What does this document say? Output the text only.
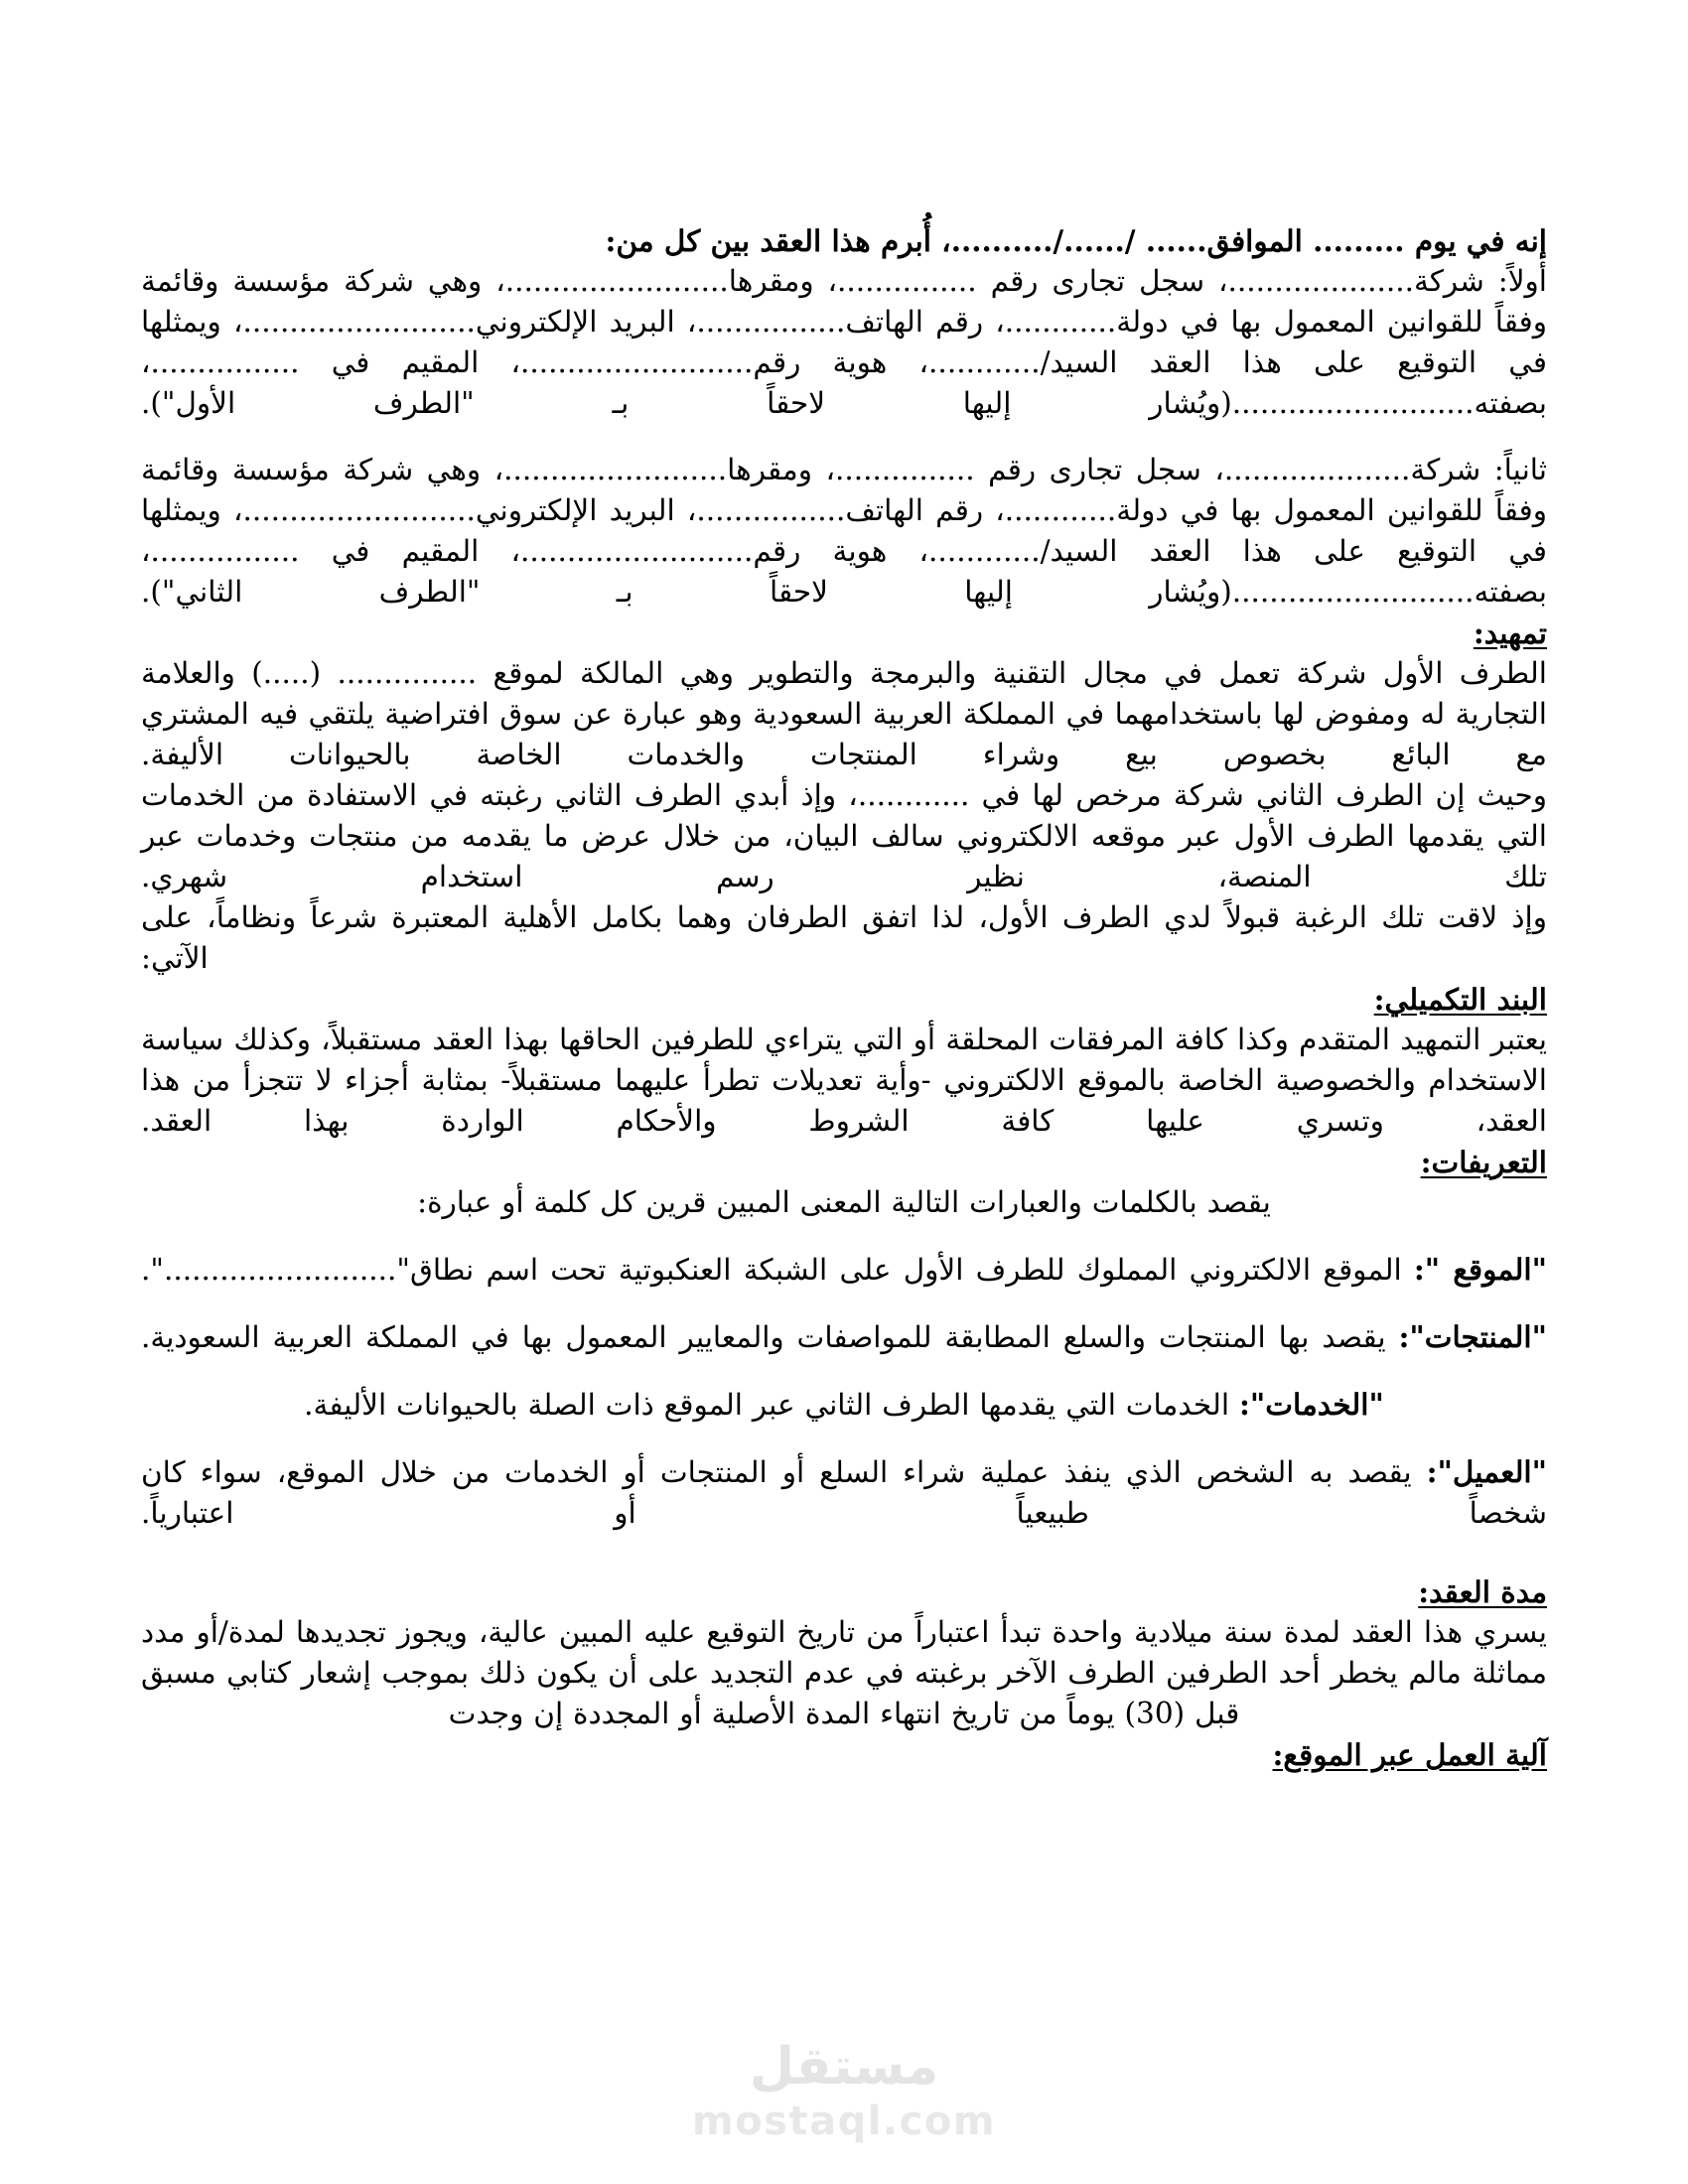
إنه في يوم ......... الموافق...... /....../..........، أُبرم هذا العقد بين كل من:

أولاً: شركة....................، سجل تجارى رقم ...............، ومقرها........................، وهي شركة مؤسسة وقائمة وفقاً للقوانين المعمول بها في دولة............، رقم الهاتف................، البريد الإلكتروني.........................، ويمثلها في التوقيع على هذا العقد السيد/............، هوية رقم.........................، المقيم في ................، بصفته..........................(ويُشار إليها لاحقاً بـ "الطرف الأول").

ثانياً: شركة....................، سجل تجارى رقم ...............، ومقرها........................، وهي شركة مؤسسة وقائمة وفقاً للقوانين المعمول بها في دولة............، رقم الهاتف................، البريد الإلكتروني.........................، ويمثلها في التوقيع على هذا العقد السيد/............، هوية رقم.........................، المقيم في ................، بصفته..........................(ويُشار إليها لاحقاً بـ "الطرف الثاني").

تمهيد:

الطرف الأول شركة تعمل في مجال التقنية والبرمجة والتطوير وهي المالكة لموقع ............... (.....) والعلامة التجارية له ومفوض لها باستخدامهما في المملكة العربية السعودية وهو عبارة عن سوق افتراضية يلتقي فيه المشتري مع البائع بخصوص بيع وشراء المنتجات والخدمات الخاصة بالحيوانات الأليفة.

وحيث إن الطرف الثاني شركة مرخص لها في ............، وإذ أبدي الطرف الثاني رغبته في الاستفادة من الخدمات التي يقدمها الطرف الأول عبر موقعه الالكتروني سالف البيان، من خلال عرض ما يقدمه من منتجات وخدمات عبر تلك المنصة، نظير رسم استخدام شهري.

وإذ لاقت تلك الرغبة قبولاً لدي الطرف الأول، لذا اتفق الطرفان وهما بكامل الأهلية المعتبرة شرعاً ونظاماً، على الآتي:

البند التكميلي:

يعتبر التمهيد المتقدم وكذا كافة المرفقات المحلقة أو التي يتراءي للطرفين الحاقها بهذا العقد مستقبلاً، وكذلك سياسة الاستخدام والخصوصية الخاصة بالموقع الالكتروني -وأية تعديلات تطرأ عليهما مستقبلاً- بمثابة أجزاء لا تتجزأ من هذا العقد، وتسري عليها كافة الشروط والأحكام الواردة بهذا العقد.

التعريفات:

يقصد بالكلمات والعبارات التالية المعنى المبين قرين كل كلمة أو عبارة:

"الموقع ": الموقع الالكتروني المملوك للطرف الأول على الشبكة العنكبوتية تحت اسم نطاق".........................".

"المنتجات": يقصد بها المنتجات والسلع المطابقة للمواصفات والمعايير المعمول بها في المملكة العربية السعودية.

"الخدمات": الخدمات التي يقدمها الطرف الثاني عبر الموقع ذات الصلة بالحيوانات الأليفة.

"العميل": يقصد به الشخص الذي ينفذ عملية شراء السلع أو المنتجات أو الخدمات من خلال الموقع، سواء كان شخصاً طبيعياً أو اعتبارياً.

مدة العقد:

يسري هذا العقد لمدة سنة ميلادية واحدة تبدأ اعتباراً من تاريخ التوقيع عليه المبين عالية، ويجوز تجديدها لمدة/أو مدد مماثلة مالم يخطر أحد الطرفين الطرف الآخر برغبته في عدم التجديد على أن يكون ذلك بموجب إشعار كتابي مسبق قبل (30) يوماً من تاريخ انتهاء المدة الأصلية أو المجددة إن وجدت

آلية العمل عبر الموقع:

مستقل
mostaql.com
